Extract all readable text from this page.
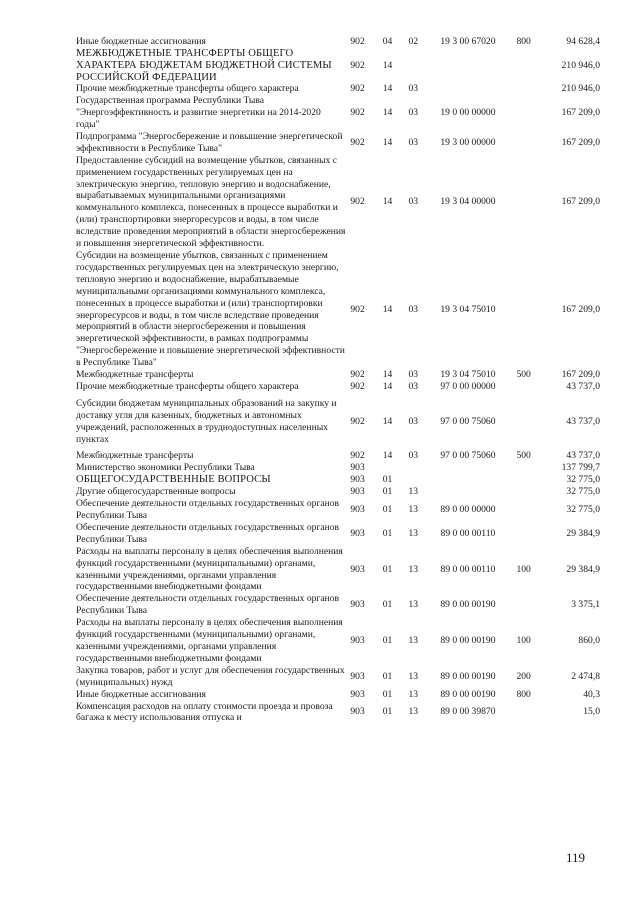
Иные бюджетные ассигнования	902	04	02	19 3 00 67020	800	94 628,4
МЕЖБЮДЖЕТНЫЕ ТРАНСФЕРТЫ ОБЩЕГО ХАРАКТЕРА БЮДЖЕТАМ БЮДЖЕТНОЙ СИСТЕМЫ РОССИЙСКОЙ ФЕДЕРАЦИИ	902	14				210 946,0
Прочие межбюджетные трансферты общего характера	902	14	03			210 946,0
Государственная программа Республики Тыва "Энергоэффективность и развитие энергетики на 2014-2020 годы"	902	14	03	19 0 00 00000		167 209,0
Подпрограмма "Энергосбережение и повышение энергетической эффективности в Республике Тыва"	902	14	03	19 3 00 00000		167 209,0
Предоставление субсидий на возмещение убытков, связанных с применением государственных регулируемых цен на электрическую энергию, тепловую энергию и водоснабжение, вырабатываемых муниципальными организациями коммунального комплекса, понесенных в процессе выработки и (или) транспортировки энергоресурсов и воды, в том числе вследствие проведения мероприятий в области энергосбережения и повышения энергетической эффективности.	902	14	03	19 3 04 00000		167 209,0
Субсидии на возмещение убытков, связанных с применением государственных регулируемых цен на электрическую энергию, тепловую энергию и водоснабжение, вырабатываемые муниципальными организациями коммунального комплекса, понесенных в процессе выработки и (или) транспортировки энергоресурсов и воды, в том числе вследствие проведения мероприятий в области энергосбережения и повышения энергетической эффективности, в рамках подпрограммы "Энергосбережение и повышение энергетической эффективности в Республике Тыва"	902	14	03	19 3 04 75010		167 209,0
Межбюджетные трансферты	902	14	03	19 3 04 75010	500	167 209,0
Прочие межбюджетные трансферты общего характера	902	14	03	97 0 00 00000		43 737,0
Субсидии бюджетам муниципальных образований на закупку и доставку угля для казенных, бюджетных и автономных учреждений, расположенных в труднодоступных населенных пунктах	902	14	03	97 0 00 75060		43 737,0
Межбюджетные трансферты	902	14	03	97 0 00 75060	500	43 737,0
Министерство экономики Республики Тыва	903					137 799,7
ОБЩЕГОСУДАРСТВЕННЫЕ ВОПРОСЫ	903	01				32 775,0
Другие общегосударственные вопросы	903	01	13			32 775,0
Обеспечение деятельности отдельных государственных органов Республики Тыва	903	01	13	89 0 00 00000		32 775,0
Обеспечение деятельности отдельных государственных органов Республики Тыва	903	01	13	89 0 00 00110		29 384,9
Расходы на выплаты персоналу в целях обеспечения выполнения функций государственными (муниципальными) органами, казенными учреждениями, органами управления государственными внебюджетными фондами	903	01	13	89 0 00 00110	100	29 384,9
Обеспечение деятельности отдельных государственных органов Республики Тыва	903	01	13	89 0 00 00190		3 375,1
Расходы на выплаты персоналу в целях обеспечения выполнения функций государственными (муниципальными) органами, казенными учреждениями, органами управления государственными внебюджетными фондами	903	01	13	89 0 00 00190	100	860,0
Закупка товаров, работ и услуг для обеспечения государственных (муниципальных) нужд	903	01	13	89 0 00 00190	200	2 474,8
Иные бюджетные ассигнования	903	01	13	89 0 00 00190	800	40,3
Компенсация расходов на оплату стоимости проезда и провоза багажа к месту использования отпуска и	903	01	13	89 0 00 39870		15,0
119
